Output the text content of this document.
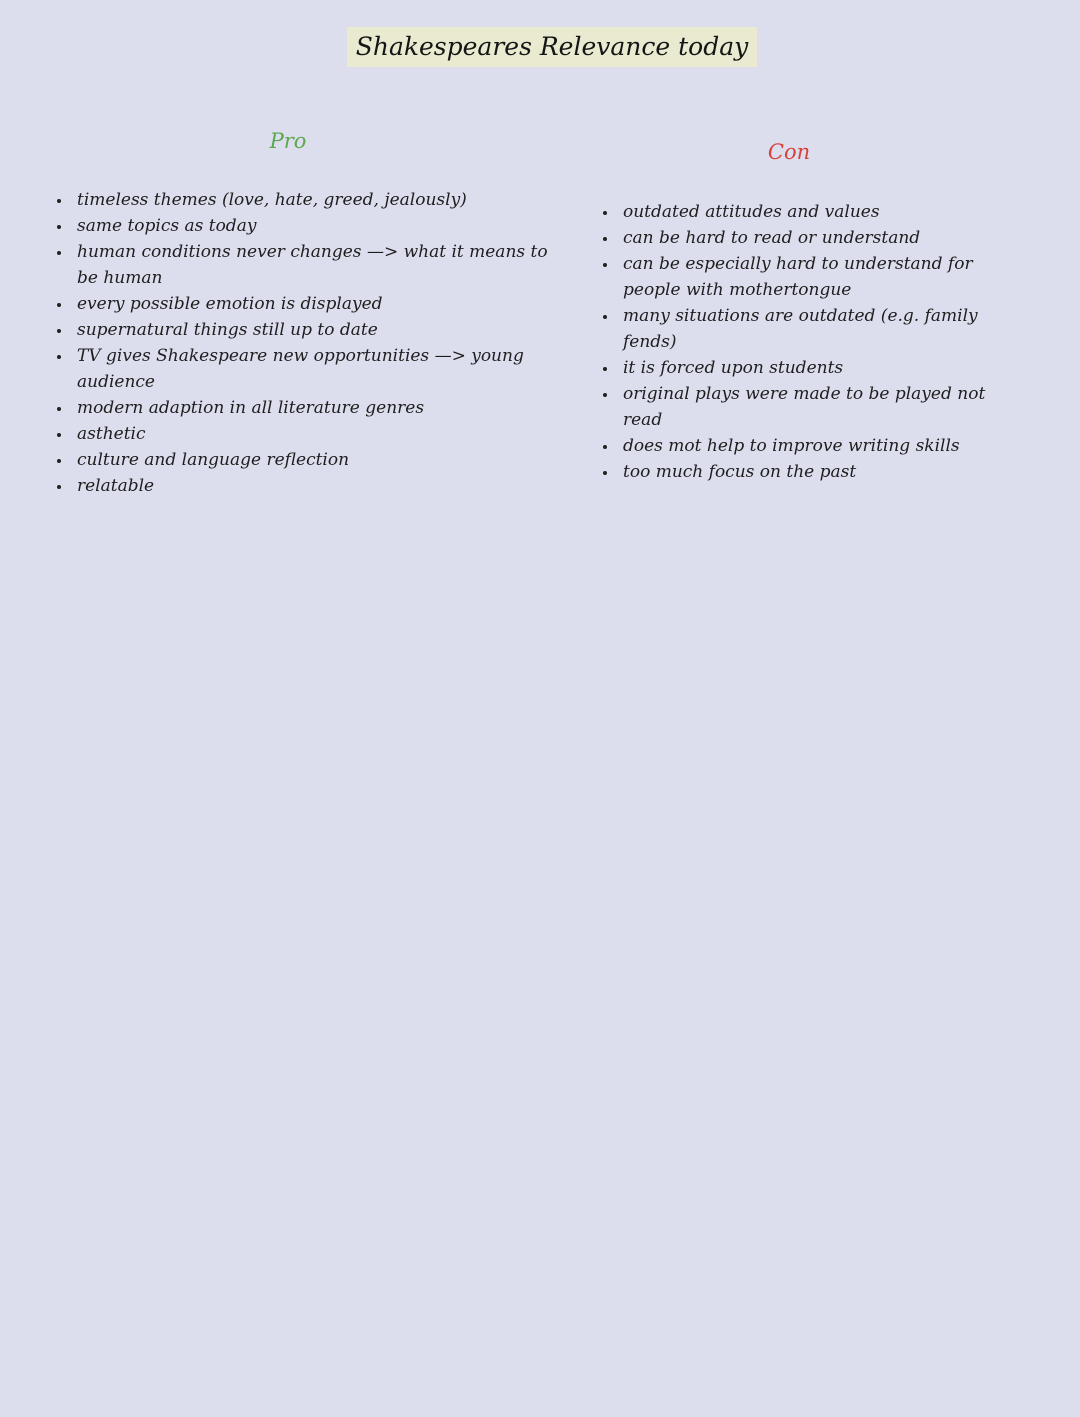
Shakespeares Relevance today
Pro	Con
timeless themes (love, hate, greed, jealously)
same topics as today
human conditions never changes —> what it means to be human
every possible emotion is displayed
supernatural things still up to date
TV gives Shakespeare new opportunities —> young audience
modern adaption in all literature genres
asthetic
culture and language reflection
relatable
outdated attitudes and values
can be hard to read or understand
can be especially hard to understand for people with mothertongue
many situations are outdated (e.g. family fends)
it is forced upon students
original plays were made to be played not read
does mot help to improve writing skills
too much focus on the past
